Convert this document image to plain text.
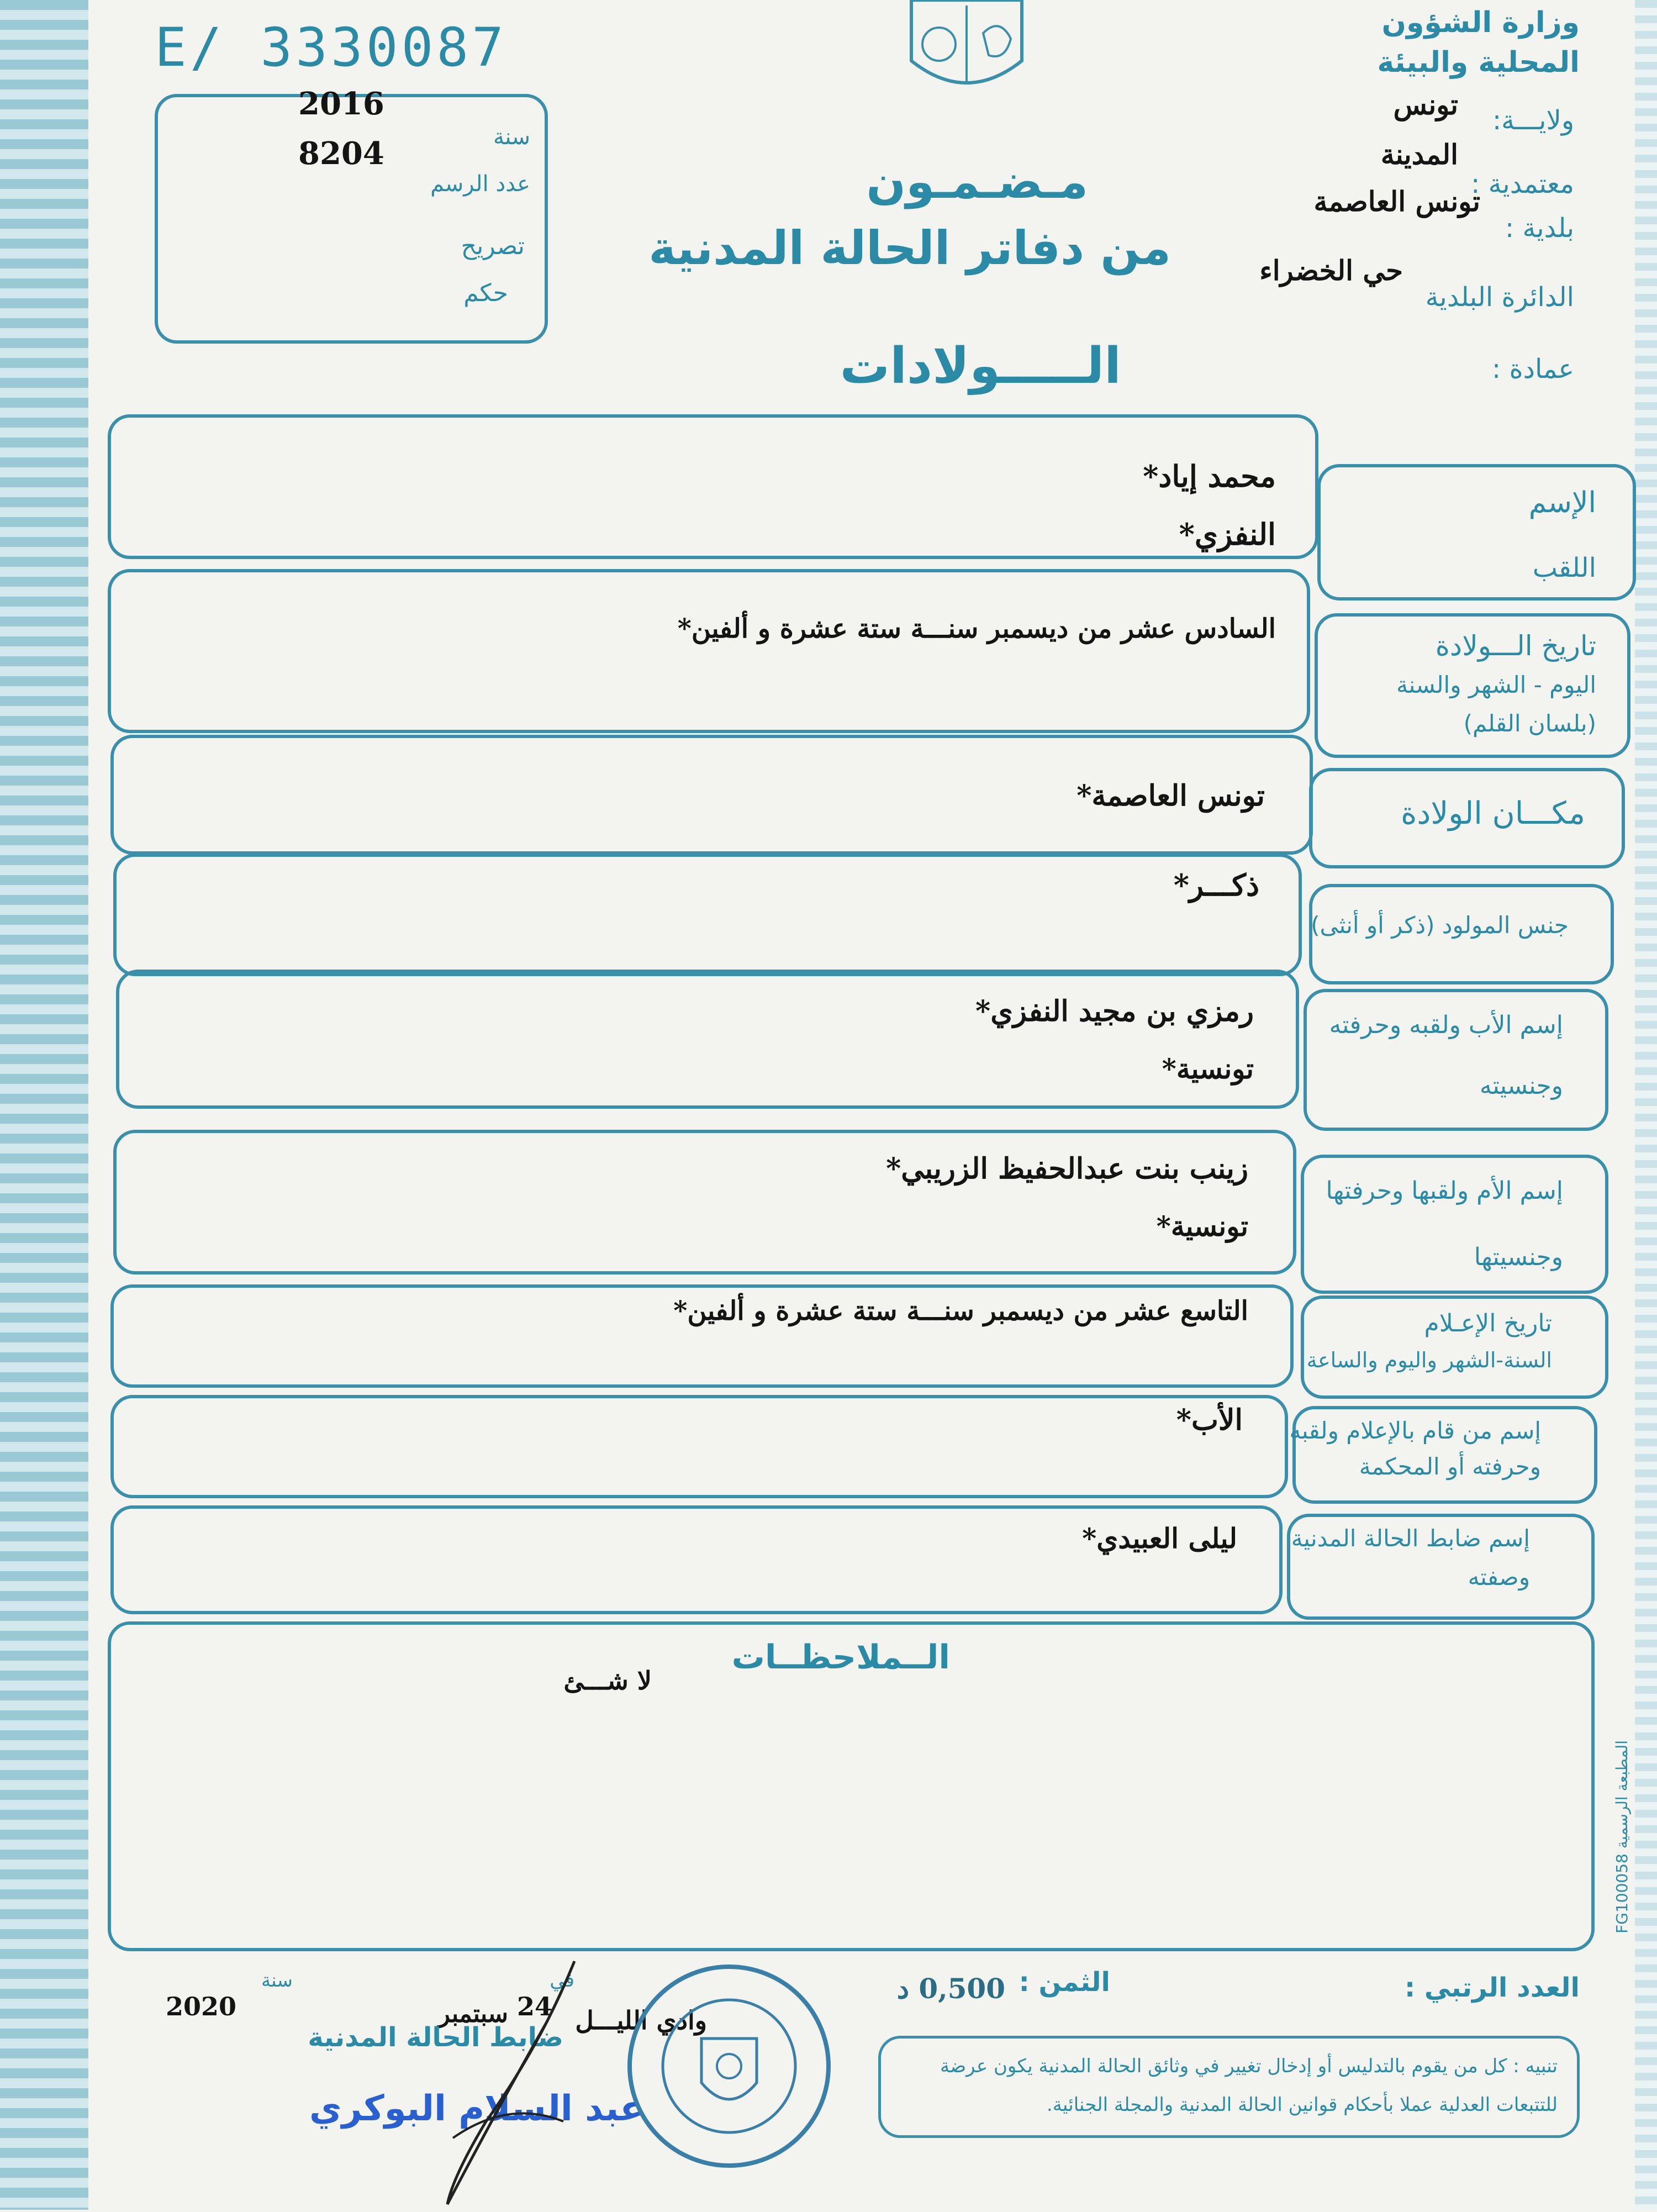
E/ 3330087	وزارة الشؤون المحلية والبيئة
ولايـــة:
تونس
المدينة
معتمدية :
تونس العاصمة
بلدية :
حي الخضراء
الدائرة البلدية
عمادة :
2016
سنة
8204
عدد الرسم
تصريح
حكم
مـضـمـون
من دفاتر الحالة المدنية
الـــــولادات
الإسم
اللقب
محمد إياد *
النفزي *
تاريخ الـــولادة
اليوم - الشهر والسنة
(بلسان القلم)
السادس عشر من ديسمبر سنـــة ستة عشرة و ألفين *
مكـــان الولادة
تونس العاصمة *
جنس المولود (ذكر أو أنثى)
ذكـــر *
إسم الأب ولقبه وحرفته
وجنسيته
رمزي بن مجيد النفزي *
تونسية *
إسم الأم ولقبها وحرفتها
وجنسيتها
زينب بنت عبدالحفيظ الزريبي *
تونسية *
تاريخ الإعـلام
السنة-الشهر واليوم والساعة
التاسع عشر من ديسمبر سنـــة ستة عشرة و ألفين *
إسم من قام بالإعلام ولقبه
وحرفته أو المحكمة
الأب *
إسم ضابط الحالة المدنية
وصفته
ليلى العبيدي *
الــملاحظــات
لا شـــئ
المطبعة الرسمية FG100058
العدد الرتبي :
الثمن :
0,500 د
تنبيه : كل من يقوم بالتدليس أو إدخال تغيير في وثائق الحالة المدنية يكون عرضة
للتتبعات العدلية عملا بأحكام قوانين الحالة المدنية والمجلة الجنائية.
وادي الليـــل
في
24
سبتمبر
سنة
2020
ضابط الحالة المدنية
عبد السلام البوكري
